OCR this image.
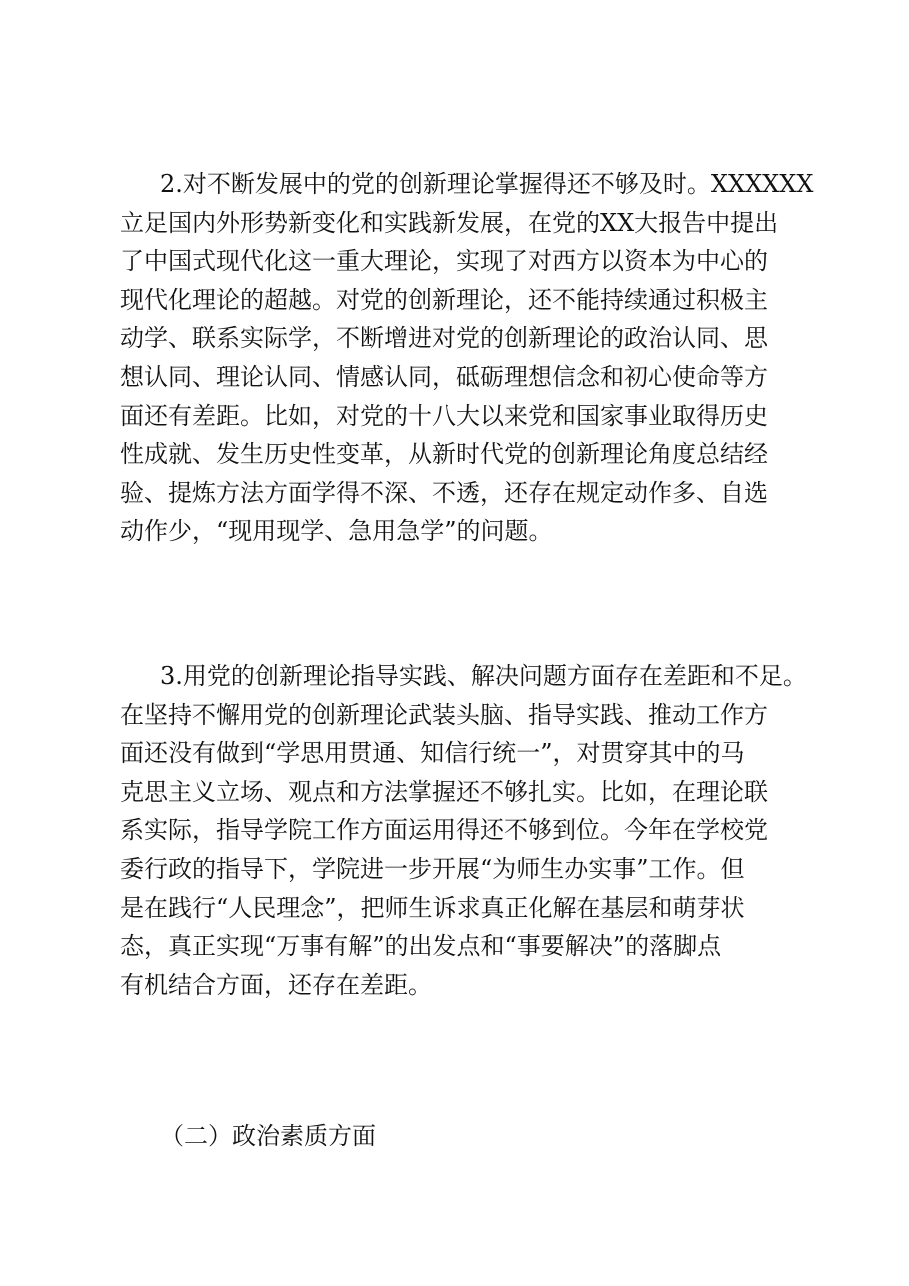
2.对不断发展中的党的创新理论掌握得还不够及时。XXXXXX
立足国内外形势新变化和实践新发展，在党的XX大报告中提出
了中国式现代化这一重大理论，实现了对西方以资本为中心的
现代化理论的超越。对党的创新理论，还不能持续通过积极主
动学、联系实际学，不断增进对党的创新理论的政治认同、思
想认同、理论认同、情感认同，砥砺理想信念和初心使命等方
面还有差距。比如，对党的十八大以来党和国家事业取得历史
性成就、发生历史性变革，从新时代党的创新理论角度总结经
验、提炼方法方面学得不深、不透，还存在规定动作多、自选
动作少，“现用现学、急用急学”的问题。
3.用党的创新理论指导实践、解决问题方面存在差距和不足。
在坚持不懈用党的创新理论武装头脑、指导实践、推动工作方
面还没有做到“学思用贯通、知信行统一”，对贯穿其中的马
克思主义立场、观点和方法掌握还不够扎实。比如，在理论联
系实际，指导学院工作方面运用得还不够到位。今年在学校党
委行政的指导下，学院进一步开展“为师生办实事”工作。但
是在践行“人民理念”，把师生诉求真正化解在基层和萌芽状
态，真正实现“万事有解”的出发点和“事要解决”的落脚点
有机结合方面，还存在差距。
（二）政治素质方面
